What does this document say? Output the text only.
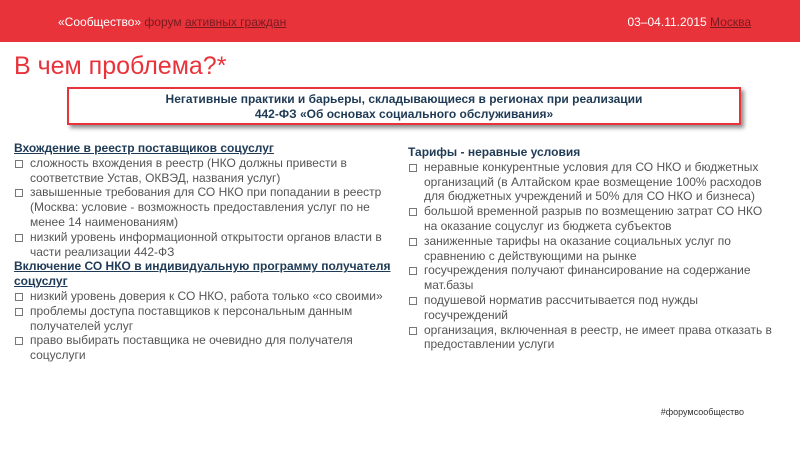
«Сообщество» форум активных граждан	03–04.11.2015 Москва
В чем проблема?*
Негативные практики и барьеры, складывающиеся в регионах при реализации
442-ФЗ «Об основах социального обслуживания»
Вхождение в реестр поставщиков соцуслуг
сложность вхождения в реестр (НКО должны привести в соответствие Устав, ОКВЭД, названия услуг)
завышенные требования для СО НКО при попадании в реестр (Москва: условие - возможность предоставления услуг по не менее 14 наименованиям)
низкий уровень информационной открытости органов власти в части реализации 442-ФЗ
Включение СО НКО в индивидуальную программу получателя соцуслуг
низкий уровень доверия к СО НКО, работа только «со своими»
проблемы доступа поставщиков к персональным данным получателей услуг
право выбирать поставщика не очевидно для получателя соцуслуги
Тарифы - неравные условия
неравные конкурентные условия для СО НКО и бюджетных организаций (в Алтайском крае возмещение 100% расходов для бюджетных учреждений и 50% для СО НКО и бизнеса)
большой временной разрыв по возмещению затрат СО НКО на оказание соцуслуг из бюджета субъектов
заниженные тарифы на оказание социальных услуг по сравнению с действующими на рынке
госучреждения получают финансирование на содержание мат.базы
подушевой норматив рассчитывается под нужды госучреждений
организация, включенная в реестр, не имеет права отказать в предоставлении услуги
#форумсообщество
